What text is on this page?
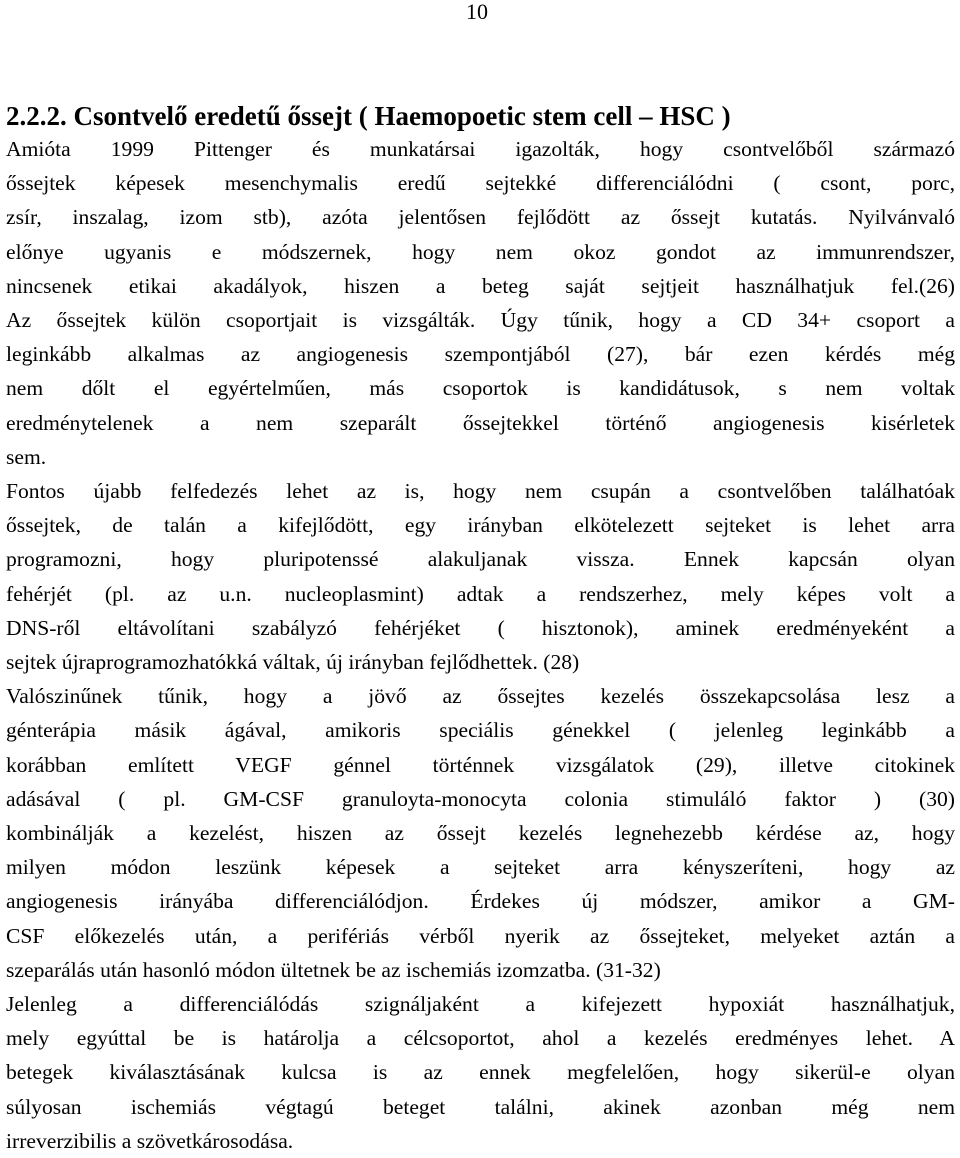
10
2.2.2. Csontvelő eredetű őssejt ( Haemopoetic stem cell – HSC )

Amióta 1999 Pittenger és munkatársai igazolták, hogy csontvelőből származó
őssejtek képesek mesenchymalis eredű sejtekké differenciálódni ( csont, porc,
zsír, inszalag, izom stb), azóta jelentősen fejlődött az őssejt kutatás. Nyilvánvaló
előnye ugyanis e módszernek, hogy nem okoz gondot az immunrendszer,
nincsenek etikai akadályok, hiszen a beteg saját sejtjeit használhatjuk fel.(26)
Az őssejtek külön csoportjait is vizsgálták. Úgy tűnik, hogy a CD 34+ csoport a
leginkább alkalmas az angiogenesis szempontjából (27), bár ezen kérdés még
nem dőlt el egyértelműen, más csoportok is kandidátusok, s nem voltak
eredménytelenek a nem szeparált őssejtekkel történő angiogenesis kisérletek
sem.

Fontos újabb felfedezés lehet az is, hogy nem csupán a csontvelőben találhatóak
őssejtek, de talán a kifejlődött, egy irányban elkötelezett sejteket is lehet arra
programozni, hogy pluripotenssé alakuljanak vissza. Ennek kapcsán olyan
fehérjét (pl. az u.n. nucleoplasmint) adtak a rendszerhez, mely képes volt a
DNS-ről eltávolítani szabályzó fehérjéket ( hisztonok), aminek eredményeként a
sejtek újraprogramozhatókká váltak, új irányban fejlődhettek. (28)

Valószinűnek tűnik, hogy a jövő az őssejtes kezelés összekapcsolása lesz a
génterápia másik ágával, amikoris speciális génekkel ( jelenleg leginkább a
korábban említett VEGF génnel történnek vizsgálatok (29), illetve citokinek
adásával ( pl. GM-CSF granuloyta-monocyta colonia stimuláló faktor ) (30)
kombinálják a kezelést, hiszen az őssejt kezelés legnehezebb kérdése az, hogy
milyen módon leszünk képesek a sejteket arra kényszeríteni, hogy az
angiogenesis irányába differenciálódjon. Érdekes új módszer, amikor a GM-
CSF előkezelés után, a perifériás vérből nyerik az őssejteket, melyeket aztán a
szeparálás után hasonló módon ültetnek be az ischemiás izomzatba. (31-32)

Jelenleg a differenciálódás szignáljaként a kifejezett hypoxiát használhatjuk,
mely egyúttal be is határolja a célcsoportot, ahol a kezelés eredményes lehet. A
betegek kiválasztásának kulcsa is az ennek megfelelően, hogy sikerül-e olyan
súlyosan ischemiás végtagú beteget találni, akinek azonban még nem
irreverzibilis a szövetkárosodása.
